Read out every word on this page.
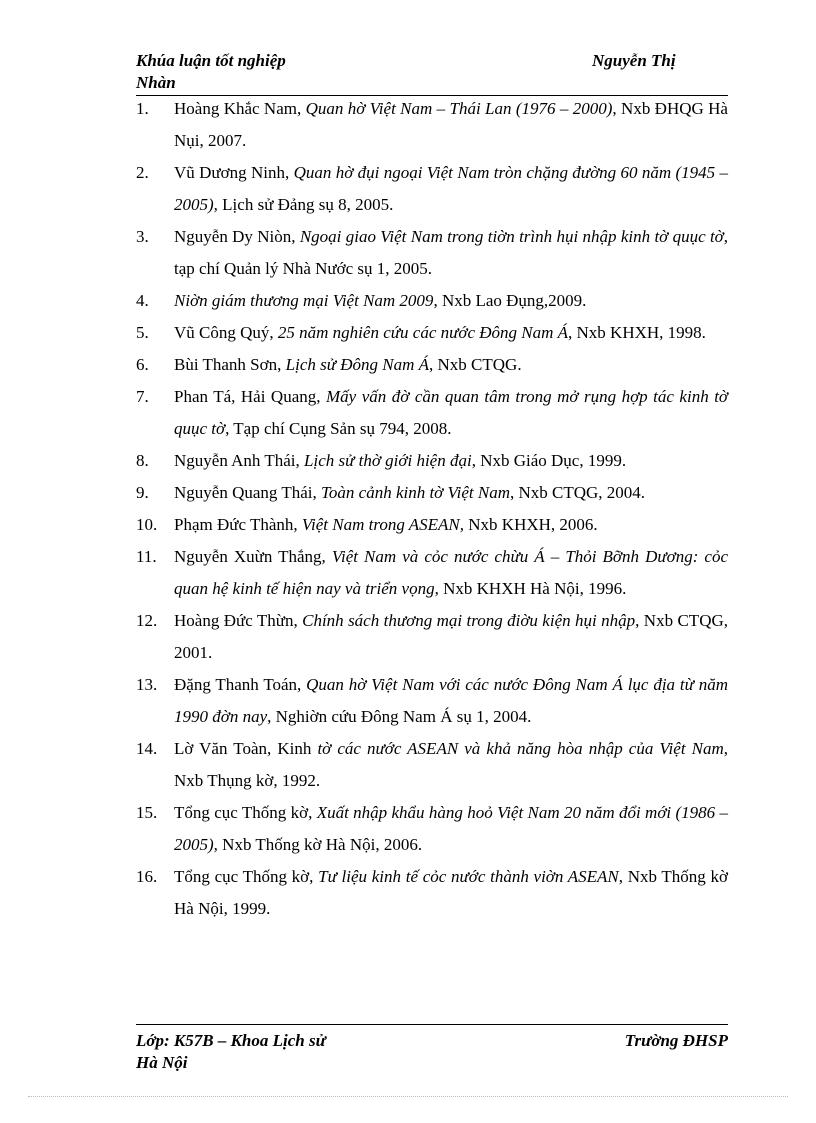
Khúa luận tốt nghiệp	Nguyễn Thị
Nhàn
1. Hoàng Khắc Nam, Quan hờ Việt Nam – Thái Lan (1976 – 2000), Nxb ĐHQG Hà Nụi, 2007.
2. Vũ Dương Ninh, Quan hờ đụi ngoại Việt Nam tròn chặng đường 60 năm (1945 – 2005), Lịch sử Đảng sụ 8, 2005.
3. Nguyễn Dy Niòn, Ngoại giao Việt Nam trong tiờn trình hụi nhập kinh tờ quục tờ, tạp chí Quản lý Nhà Nước sụ 1, 2005.
4. Niờn giám thương mại Việt Nam 2009, Nxb Lao Đụng,2009.
5. Vũ Công Quý, 25 năm nghiên cứu các nước Đông Nam Á, Nxb KHXH, 1998.
6. Bùi Thanh Sơn, Lịch sử Đông Nam Á, Nxb CTQG.
7. Phan Tá, Hải Quang, Mấy vấn đờ cần quan tâm trong mở rụng hợp tác kinh tờ quục tờ, Tạp chí Cụng Sản sụ 794, 2008.
8. Nguyễn Anh Thái, Lịch sử thờ giới hiện đại, Nxb Giáo Dục, 1999.
9. Nguyễn Quang Thái, Toàn cảnh kinh tờ Việt Nam, Nxb CTQG, 2004.
10. Phạm Đức Thành, Việt Nam trong ASEAN, Nxb KHXH, 2006.
11. Nguyễn Xuừn Thắng, Việt Nam và cỏc nước chừu Á – Thỏi Bỡnh Dương: cỏc quan hệ kinh tế hiện nay và triển vọng, Nxb KHXH Hà Nội, 1996.
12. Hoàng Đức Thừn, Chính sách thương mại trong điờu kiện hụi nhập, Nxb CTQG, 2001.
13. Đặng Thanh Toán, Quan hờ Việt Nam với các nước Đông Nam Á lục địa từ năm 1990 đờn nay, Nghiờn cứu Đông Nam Á sụ 1, 2004.
14. Lờ Văn Toàn, Kinh tờ các nước ASEAN và khả năng hòa nhập của Việt Nam, Nxb Thụng kờ, 1992.
15. Tổng cục Thống kờ, Xuất nhập khẩu hàng hoỏ Việt Nam 20 năm đổi mới (1986 – 2005), Nxb Thống kờ Hà Nội, 2006.
16. Tổng cục Thống kờ, Tư liệu kinh tế cỏc nước thành viờn ASEAN, Nxb Thống kờ Hà Nội, 1999.
Lớp: K57B – Khoa Lịch sử	Trường ĐHSP
Hà Nội
